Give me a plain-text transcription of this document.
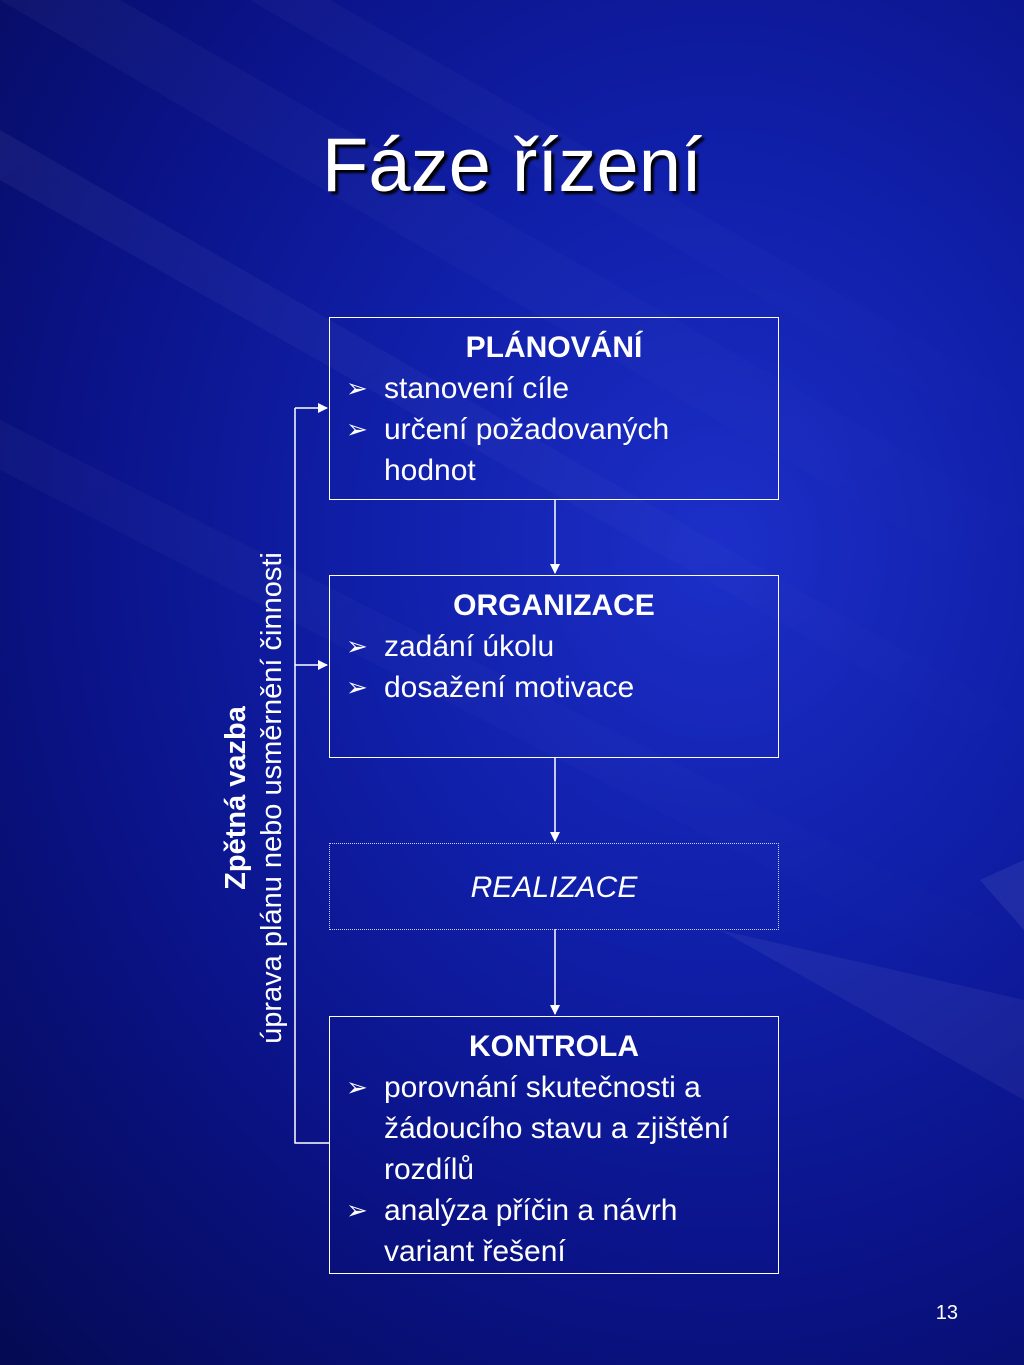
Fáze řízení
PLÁNOVÁNÍ
➢ stanovení cíle
➢ určení požadovaných hodnot
ORGANIZACE
➢ zadání úkolu
➢ dosažení motivace
REALIZACE
KONTROLA
➢ porovnání skutečnosti a žádoucího stavu a zjištění rozdílů
➢ analýza příčin a návrh variant řešení
Zpětná vazba úprava plánu nebo usměrnění činnosti
13
